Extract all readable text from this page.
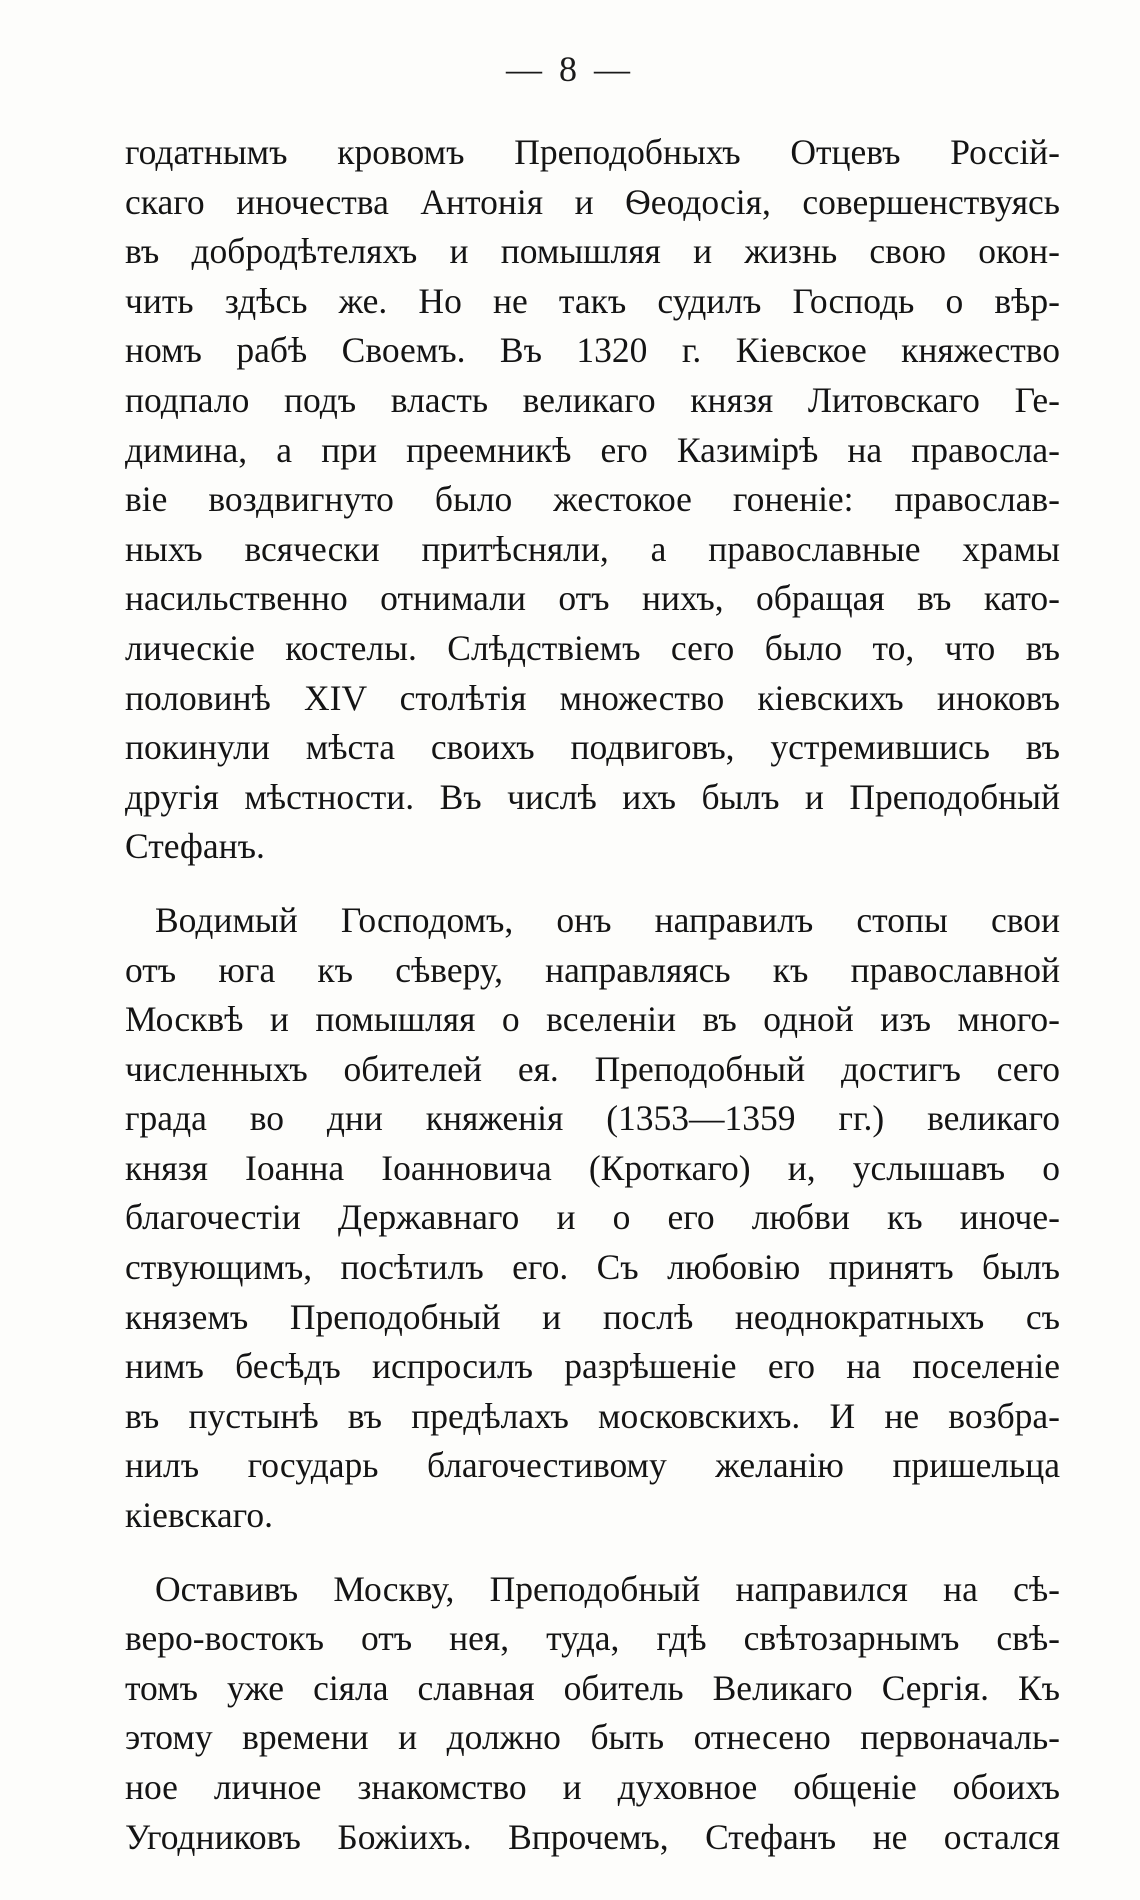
— 8 —
годатнымъ кровомъ Преподобныхъ Отцевъ Россій-
скаго иночества Антонія и Ѳеодосія, совершенствуясь
въ добродѣтеляхъ и помышляя и жизнь свою окон-
чить здѣсь же. Но не такъ судилъ Господь о вѣр-
номъ рабѣ Своемъ. Въ 1320 г. Кіевское княжество
подпало подъ власть великаго князя Литовскаго Ге-
димина, а при преемникѣ его Казимірѣ на правосла-
віе воздвигнуто было жестокое гоненіе: православ-
ныхъ всячески притѣсняли, а православные храмы
насильственно отнимали отъ нихъ, обращая въ като-
лическіе костелы. Слѣдствіемъ сего было то, что въ
половинѣ XIV столѣтія множество кіевскихъ иноковъ
покинули мѣста своихъ подвиговъ, устремившись въ
другія мѣстности. Въ числѣ ихъ былъ и Преподобный
Стефанъ.
Водимый Господомъ, онъ направилъ стопы свои
отъ юга къ сѣверу, направляясь къ православной
Москвѣ и помышляя о вселеніи въ одной изъ много-
численныхъ обителей ея. Преподобный достигъ сего
града во дни княженія (1353—1359 гг.) великаго
князя Іоанна Іоанновича (Кроткаго) и, услышавъ о
благочестіи Державнаго и о его любви къ иноче-
ствующимъ, посѣтилъ его. Съ любовію принятъ былъ
княземъ Преподобный и послѣ неоднократныхъ съ
нимъ бесѣдъ испросилъ разрѣшеніе его на поселеніе
въ пустынѣ въ предѣлахъ московскихъ. И не возбра-
нилъ государь благочестивому желанію пришельца
кіевскаго.
Оставивъ Москву, Преподобный направился на сѣ-
веро-востокъ отъ нея, туда, гдѣ свѣтозарнымъ свѣ-
томъ уже сіяла славная обитель Великаго Сергія. Къ
этому времени и должно быть отнесено первоначаль-
ное личное знакомство и духовное общеніе обоихъ
Угодниковъ Божіихъ. Впрочемъ, Стефанъ не остался
